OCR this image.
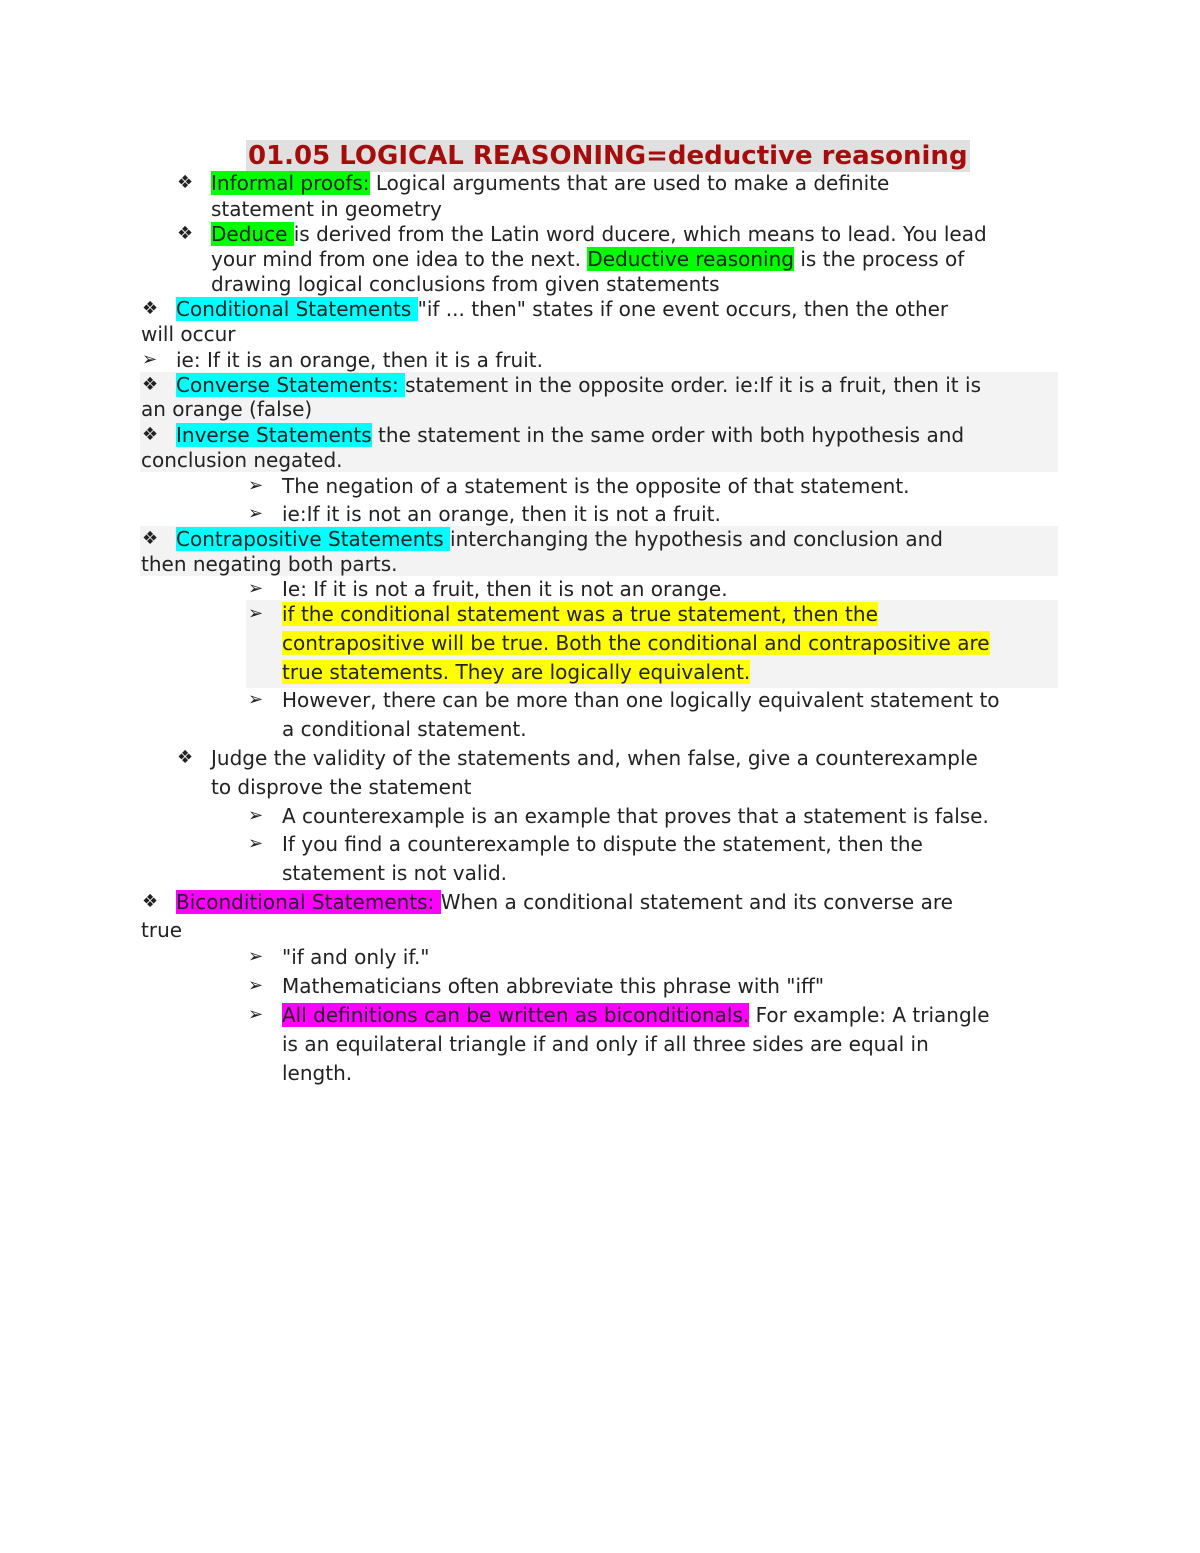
01.05 LOGICAL REASONING=deductive reasoning
❖ Informal proofs: Logical arguments that are used to make a definite
statement in geometry
❖ Deduce is derived from the Latin word ducere, which means to lead. You lead
your mind from one idea to the next. Deductive reasoning is the process of
drawing logical conclusions from given statements
❖ Conditional Statements "if ... then" states if one event occurs, then the other
will occur
➢ ie: If it is an orange, then it is a fruit.
❖ Converse Statements: statement in the opposite order. ie:If it is a fruit, then it is
an orange (false)
❖ Inverse Statements the statement in the same order with both hypothesis and
conclusion negated.
➢ The negation of a statement is the opposite of that statement.
➢ ie:If it is not an orange, then it is not a fruit.
❖ Contrapositive Statements interchanging the hypothesis and conclusion and
then negating both parts.
➢ Ie: If it is not a fruit, then it is not an orange.
➢ if the conditional statement was a true statement, then the
contrapositive will be true. Both the conditional and contrapositive are
true statements. They are logically equivalent.
➢ However, there can be more than one logically equivalent statement to
a conditional statement.
❖ Judge the validity of the statements and, when false, give a counterexample
to disprove the statement
➢ A counterexample is an example that proves that a statement is false.
➢ If you find a counterexample to dispute the statement, then the
statement is not valid.
❖ Biconditional Statements: When a conditional statement and its converse are
true
➢ "if and only if."
➢ Mathematicians often abbreviate this phrase with "iff"
➢ All definitions can be written as biconditionals. For example: A triangle
is an equilateral triangle if and only if all three sides are equal in
length.
